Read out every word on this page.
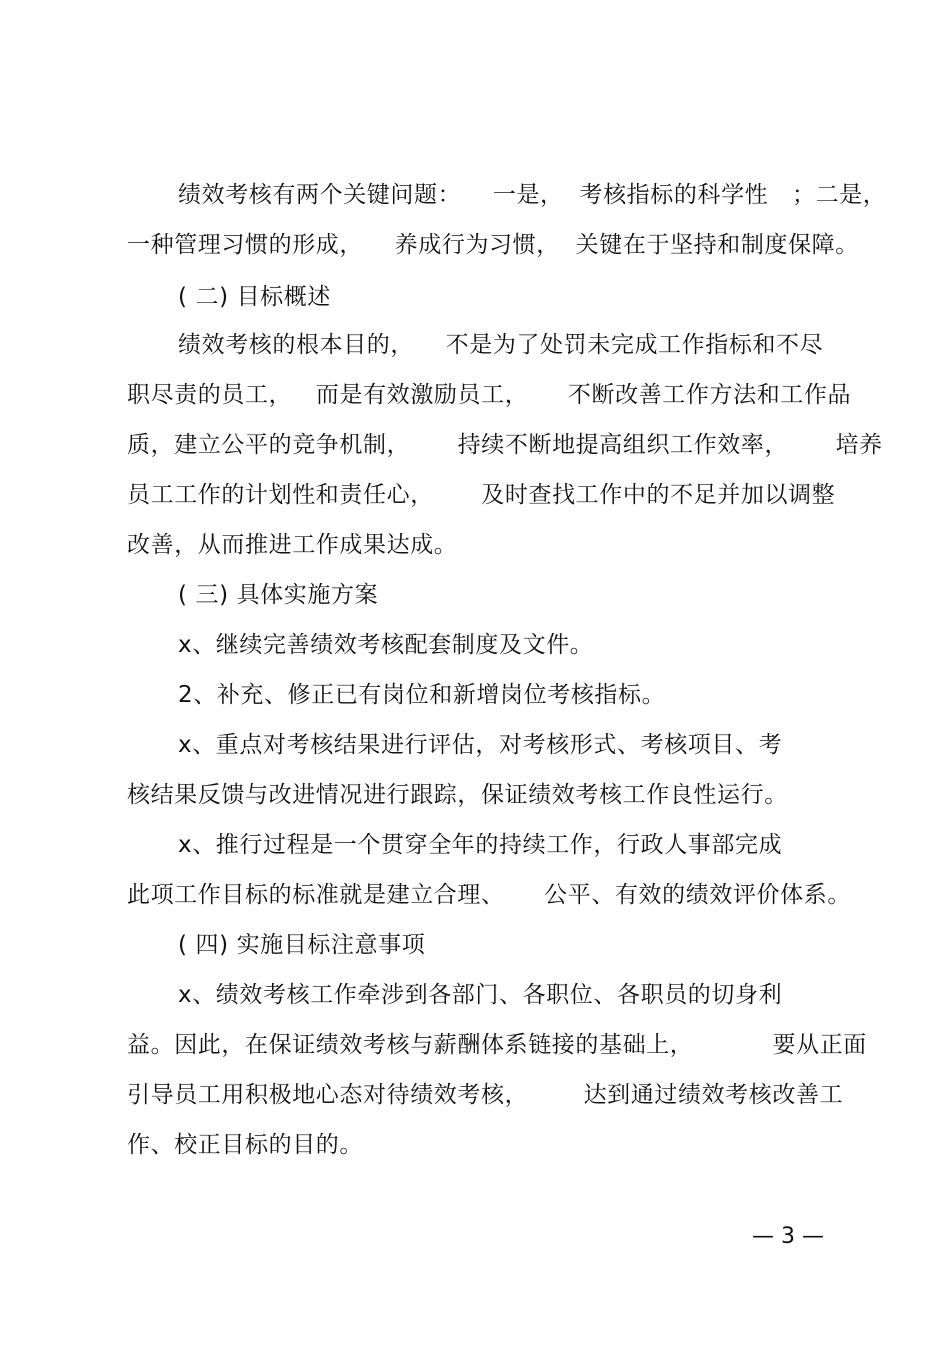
绩效考核有两个关键问题：    一是，  考核指标的科学性   ；二是，
一种管理习惯的形成，    养成行为习惯，  关键在于坚持和制度保障。
( 二) 目标概述
绩效考核的根本目的，    不是为了处罚未完成工作指标和不尽
职尽责的员工，   而是有效激励员工，     不断改善工作方法和工作品
质，建立公平的竞争机制，      持续不断地提高组织工作效率，      培养
员工工作的计划性和责任心，      及时查找工作中的不足并加以调整
改善，从而推进工作成果达成。
( 三) 具体实施方案
x、继续完善绩效考核配套制度及文件。
2、补充、修正已有岗位和新增岗位考核指标。
x、重点对考核结果进行评估，对考核形式、考核项目、考
核结果反馈与改进情况进行跟踪，保证绩效考核工作良性运行。
x、推行过程是一个贯穿全年的持续工作，行政人事部完成
此项工作目标的标准就是建立合理、     公平、有效的绩效评价体系。
( 四) 实施目标注意事项
x、绩效考核工作牵涉到各部门、各职位、各职员的切身利
益。因此，在保证绩效考核与薪酬体系链接的基础上，          要从正面
引导员工用积极地心态对待绩效考核，       达到通过绩效考核改善工
作、校正目标的目的。
— 3 —
